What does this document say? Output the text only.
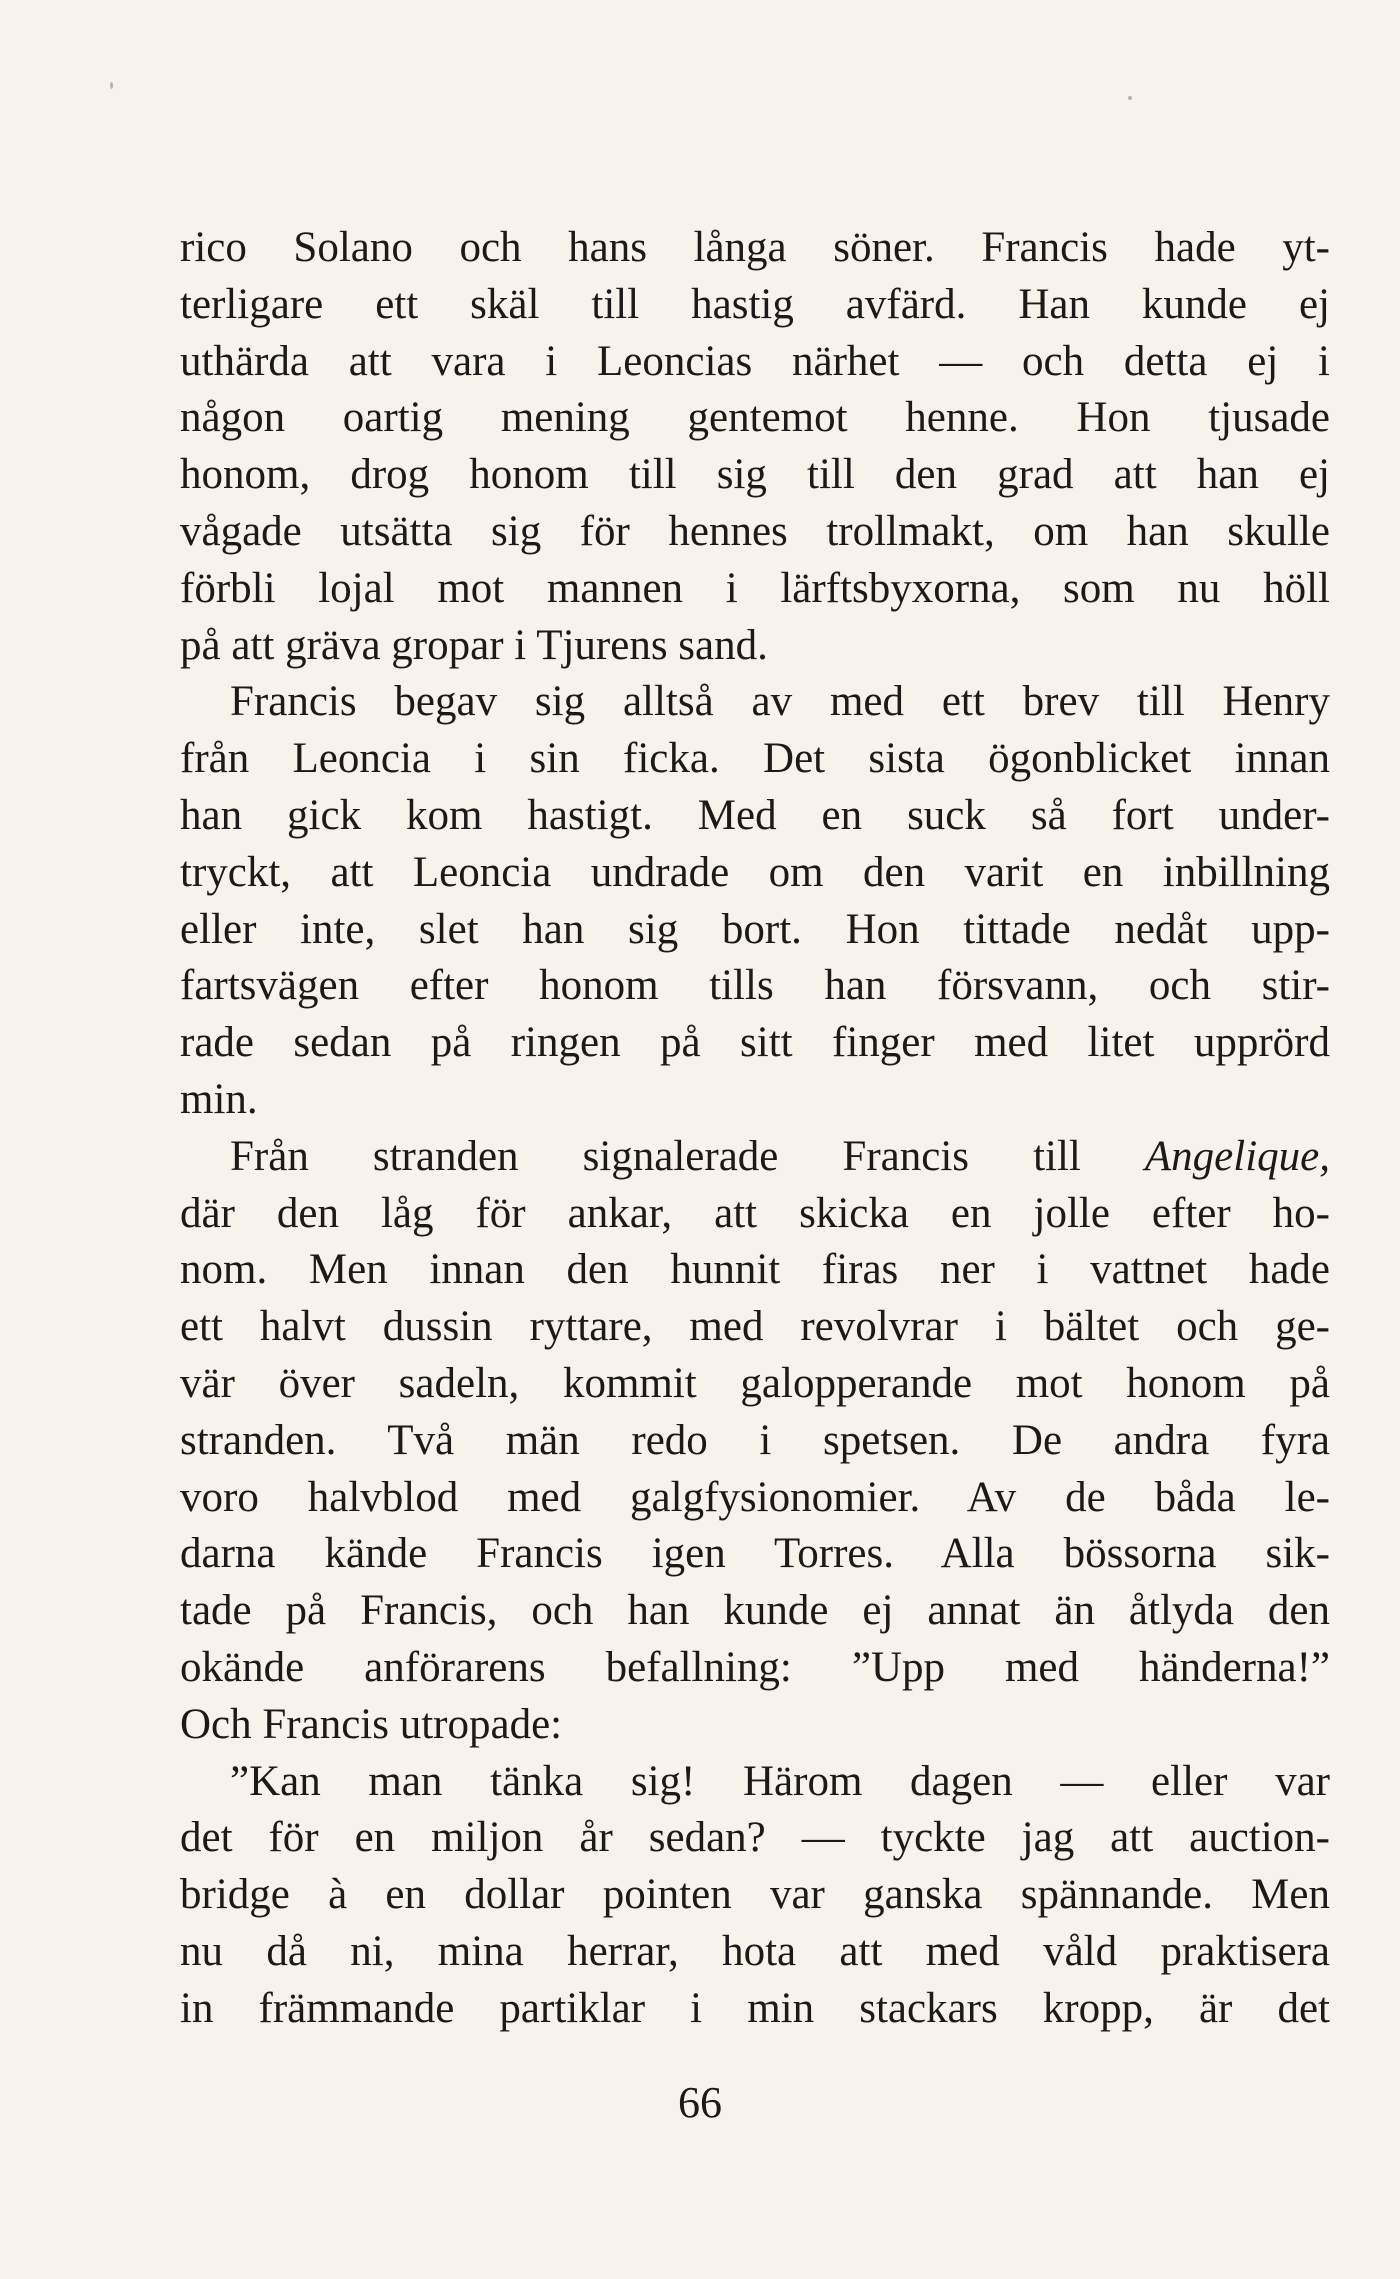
rico Solano och hans långa söner. Francis hade yt-
terligare ett skäl till hastig avfärd. Han kunde ej
uthärda att vara i Leoncias närhet — och detta ej i
någon oartig mening gentemot henne. Hon tjusade
honom, drog honom till sig till den grad att han ej
vågade utsätta sig för hennes trollmakt, om han skulle
förbli lojal mot mannen i lärftsbyxorna, som nu höll
på att gräva gropar i Tjurens sand.
Francis begav sig alltså av med ett brev till Henry
från Leoncia i sin ficka. Det sista ögonblicket innan
han gick kom hastigt. Med en suck så fort under-
tryckt, att Leoncia undrade om den varit en inbillning
eller inte, slet han sig bort. Hon tittade nedåt upp-
fartsvägen efter honom tills han försvann, och stir-
rade sedan på ringen på sitt finger med litet upprörd
min.
Från stranden signalerade Francis till Angelique,
där den låg för ankar, att skicka en jolle efter ho-
nom. Men innan den hunnit firas ner i vattnet hade
ett halvt dussin ryttare, med revolvrar i bältet och ge-
vär över sadeln, kommit galopperande mot honom på
stranden. Två män redo i spetsen. De andra fyra
voro halvblod med galgfysionomier. Av de båda le-
darna kände Francis igen Torres. Alla bössorna sik-
tade på Francis, och han kunde ej annat än åtlyda den
okände anförarens befallning: ”Upp med händerna!”
Och Francis utropade:
”Kan man tänka sig! Härom dagen — eller var
det för en miljon år sedan? — tyckte jag att auction-
bridge à en dollar pointen var ganska spännande. Men
nu då ni, mina herrar, hota att med våld praktisera
in främmande partiklar i min stackars kropp, är det
66
